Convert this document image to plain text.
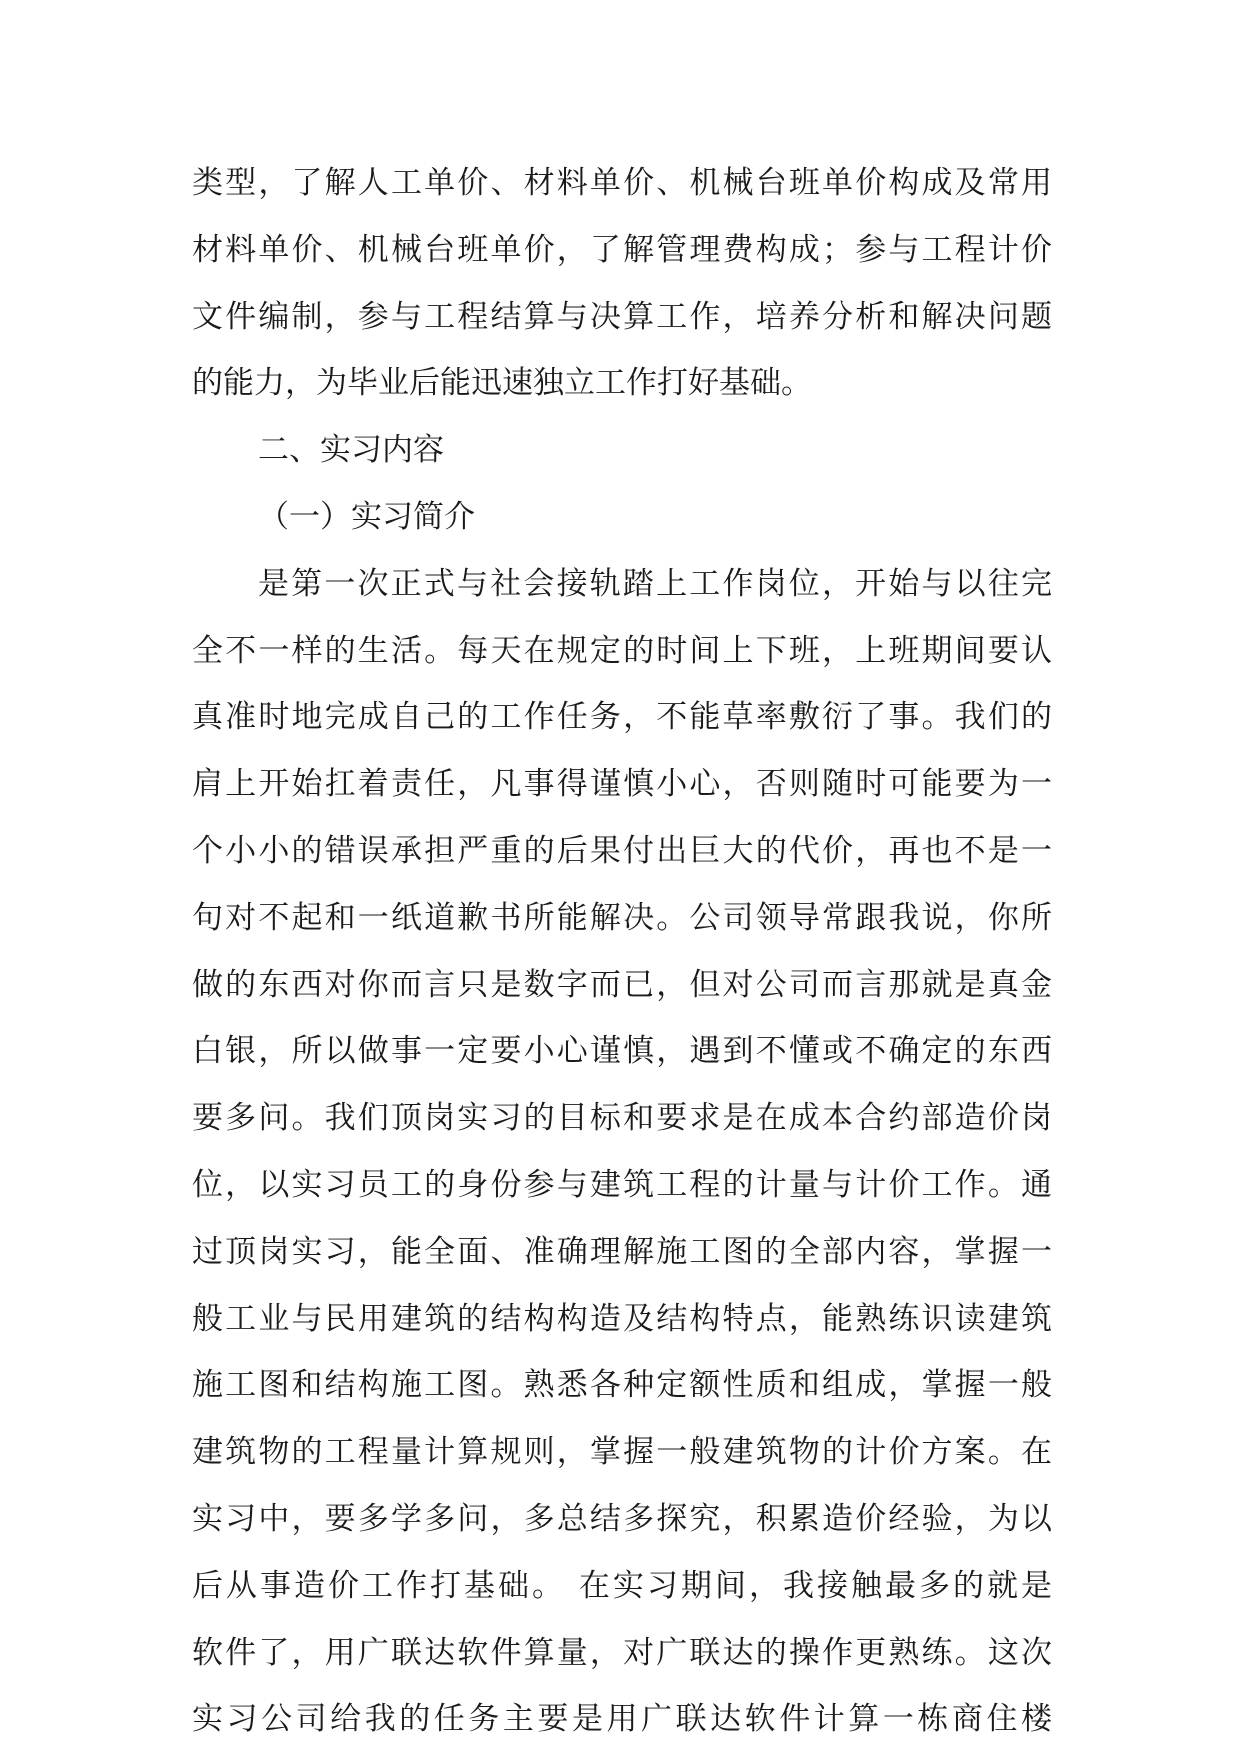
类型，了解人工单价、材料单价、机械台班单价构成及常用
材料单价、机械台班单价，了解管理费构成；参与工程计价
文件编制，参与工程结算与决算工作，培养分析和解决问题
的能力，为毕业后能迅速独立工作打好基础。
二、实习内容
（一）实习简介
是第一次正式与社会接轨踏上工作岗位，开始与以往完
全不一样的生活。每天在规定的时间上下班，上班期间要认
真准时地完成自己的工作任务，不能草率敷衍了事。我们的
肩上开始扛着责任，凡事得谨慎小心，否则随时可能要为一
个小小的错误承担严重的后果付出巨大的代价，再也不是一
句对不起和一纸道歉书所能解决。公司领导常跟我说，你所
做的东西对你而言只是数字而已，但对公司而言那就是真金
白银，所以做事一定要小心谨慎，遇到不懂或不确定的东西
要多问。我们顶岗实习的目标和要求是在成本合约部造价岗
位，以实习员工的身份参与建筑工程的计量与计价工作。通
过顶岗实习，能全面、准确理解施工图的全部内容，掌握一
般工业与民用建筑的结构构造及结构特点，能熟练识读建筑
施工图和结构施工图。熟悉各种定额性质和组成，掌握一般
建筑物的工程量计算规则，掌握一般建筑物的计价方案。在
实习中，要多学多问，多总结多探究，积累造价经验，为以
后从事造价工作打基础。 在实习期间，我接触最多的就是
软件了，用广联达软件算量，对广联达的操作更熟练。这次
实习公司给我的任务主要是用广联达软件计算一栋商住楼
